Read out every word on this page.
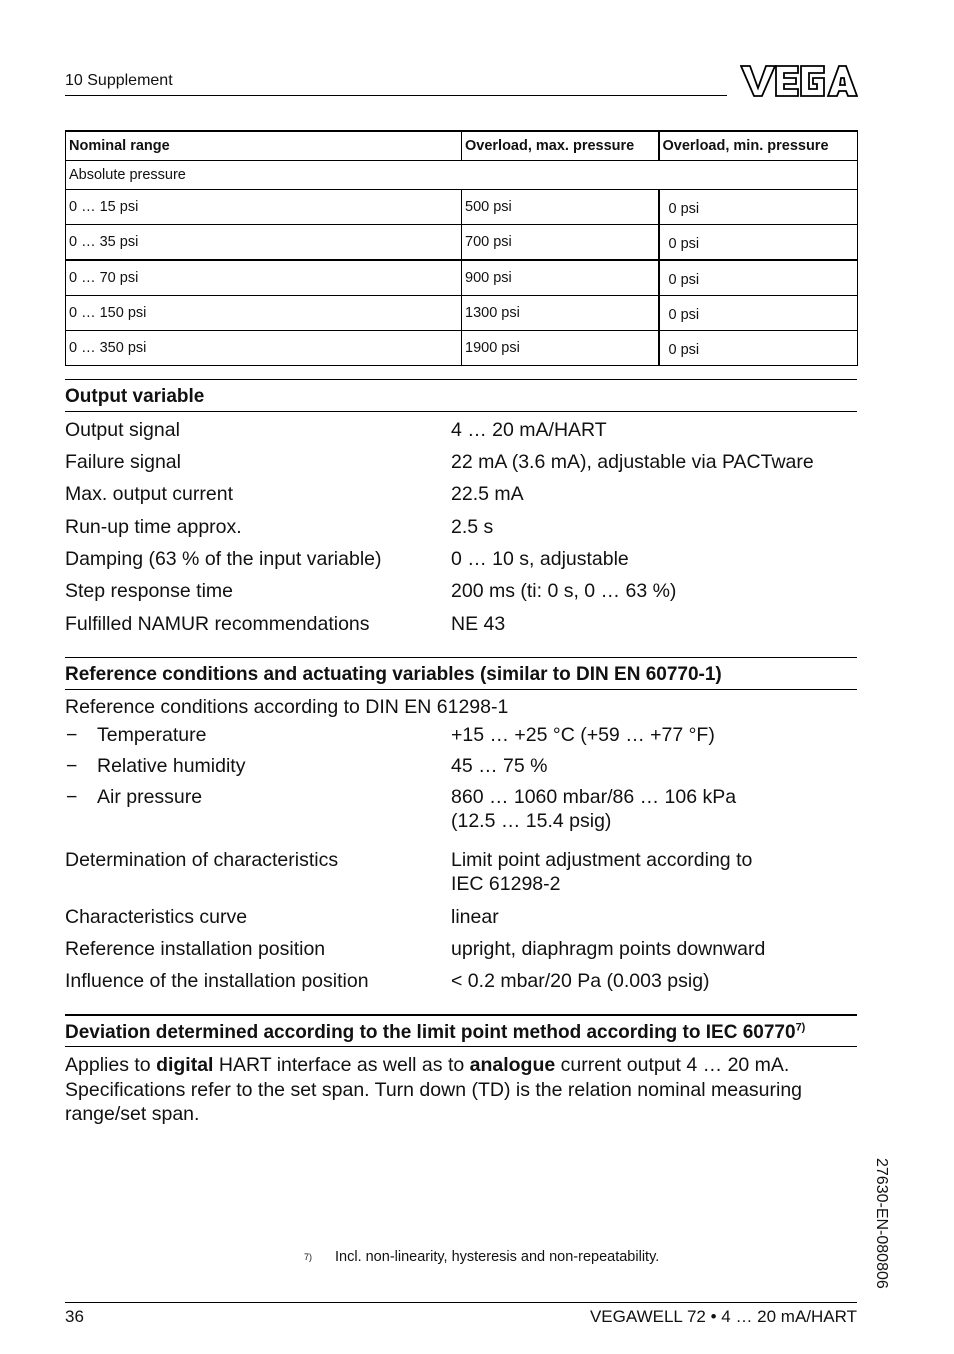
10 Supplement
VEGA
Nominal range	Overload, max. pressure	Overload, min. pressure
Absolute pressure		
0 … 15 psi	500 psi	0 psi
0 … 35 psi	700 psi	0 psi
0 … 70 psi	900 psi	0 psi
0 … 150 psi	1300 psi	0 psi
0 … 350 psi	1900 psi	0 psi
Output variable
Output signal	4 … 20 mA/HART
Failure signal	22 mA (3.6 mA), adjustable via PACTware
Max. output current	22.5 mA
Run-up time approx.	2.5 s
Damping (63 % of the input variable)	0 … 10 s, adjustable
Step response time	200 ms (ti: 0 s, 0 … 63 %)
Fulfilled NAMUR recommendations	NE 43
Reference conditions and actuating variables (similar to DIN EN 60770-1)
Reference conditions according to DIN EN 61298-1
− Temperature	+15 … +25 °C (+59 … +77 °F)
− Relative humidity	45 … 75 %
− Air pressure	860 … 1060 mbar/86 … 106 kPa
(12.5 … 15.4 psig)
Determination of characteristics	Limit point adjustment according to
IEC 61298-2
Characteristics curve	linear
Reference installation position	upright, diaphragm points downward
Influence of the installation position	< 0.2 mbar/20 Pa (0.003 psig)
Deviation determined according to the limit point method according to IEC 60770$^{7)}$
Applies to digital HART interface as well as to analogue current output 4 … 20 mA. Specifications refer to the set span. Turn down (TD) is the relation nominal measuring range/set span.
27630-EN-080806
7) Incl. non-linearity, hysteresis and non-repeatability.
36	VEGAWELL 72 • 4 … 20 mA/HART
